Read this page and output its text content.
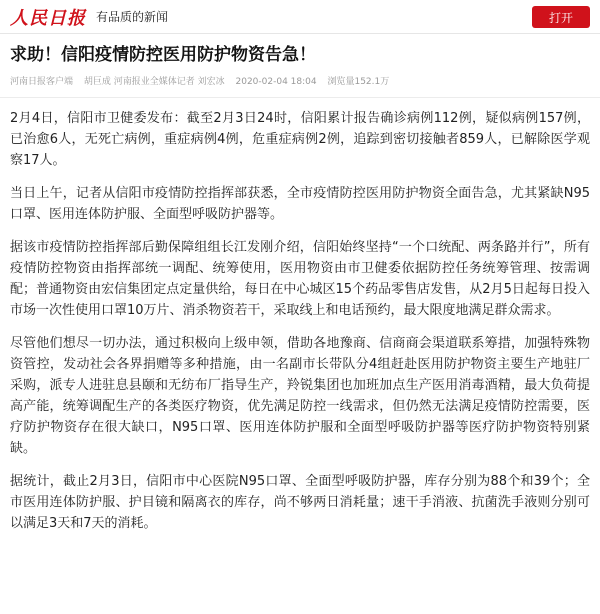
人民日报 有品质的新闻	打开
求助！信阳疫情防控医用防护物资告急！
河南日报客户端 胡巨成 河南报业全媒体记者 刘宏冰 2020-02-04 18:04 浏览量152.1万

2月4日，信阳市卫健委发布：截至2月3日24时，信阳累计报告确诊病例112例，疑似病例157例，已治愈6人，无死亡病例，重症病例4例，危重症病例2例，追踪到密切接触者859人，已解除医学观察17人。

当日上午，记者从信阳市疫情防控指挥部获悉，全市疫情防控医用防护物资全面告急，尤其紧缺N95口罩、医用连体防护服、全面型呼吸防护器等。

据该市疫情防控指挥部后勤保障组组长江发刚介绍，信阳始终坚持“一个口统配、两条路并行”，所有疫情防控物资由指挥部统一调配、统筹使用，医用物资由市卫健委依据防控任务统筹管理、按需调配；普通物资由宏信集团定点定量供给，每日在中心城区15个药品零售店发售，从2月5日起每日投入市场一次性使用口罩10万片、消杀物资若干，采取线上和电话预约，最大限度地满足群众需求。

尽管他们想尽一切办法，通过积极向上级申领，借助各地豫商、信商商会渠道联系筹措，加强特殊物资管控，发动社会各界捐赠等多种措施，由一名副市长带队分4组赶赴医用防护物资主要生产地驻厂采购，派专人进驻息县颐和无纺布厂指导生产，羚锐集团也加班加点生产医用消毒酒精，最大负荷提高产能，统筹调配生产的各类医疗物资，优先满足防控一线需求，但仍然无法满足疫情防控需要，医疗防护物资存在很大缺口，N95口罩、医用连体防护服和全面型呼吸防护器等医疗防护物资特别紧缺。

据统计，截止2月3日，信阳市中心医院N95口罩、全面型呼吸防护器，库存分别为88个和39个；全市医用连体防护服、护目镜和隔离衣的库存，尚不够两日消耗量；速干手消液、抗菌洗手液则分别可以满足3天和7天的消耗。
